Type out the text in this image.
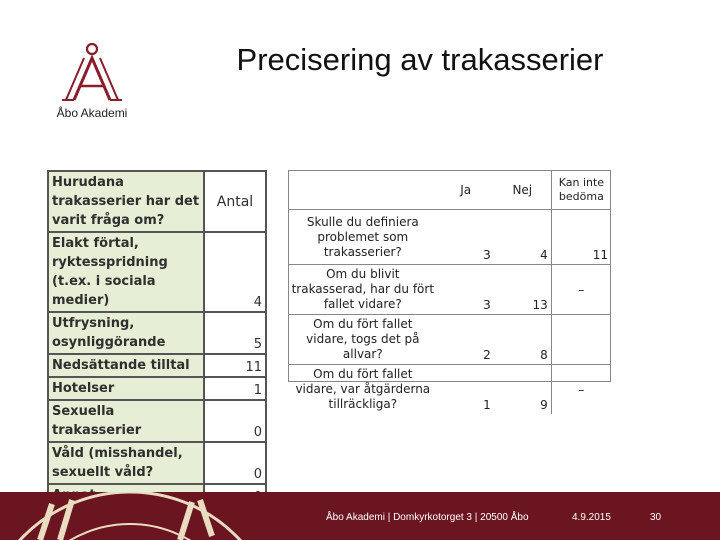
Åbo Akademi
Precisering av trakasserier
Hurudana trakasserier har det varit fråga om?	Antal
Elakt förtal, ryktesspridning (t.ex. i sociala medier)	4
Utfrysning, osynliggörande	5
Nedsättande tilltal	11
Hotelser	1
Sexuella trakasserier	0
Våld (misshandel, sexuellt våld?	0

	Ja	Nej	Kan inte bedöma
Skulle du definiera problemet som trakasserier?	3	4	11
Om du blivit trakasserad, har du fört fallet vidare?	3	13	–
Om du fört fallet vidare, togs det på allvar?	2	8	
Om du fört fallet vidare, var åtgärderna tillräckliga?	1	9	–
Åbo Akademi | Domkyrkotorget 3 | 20500 Åbo	4.9.2015	30
